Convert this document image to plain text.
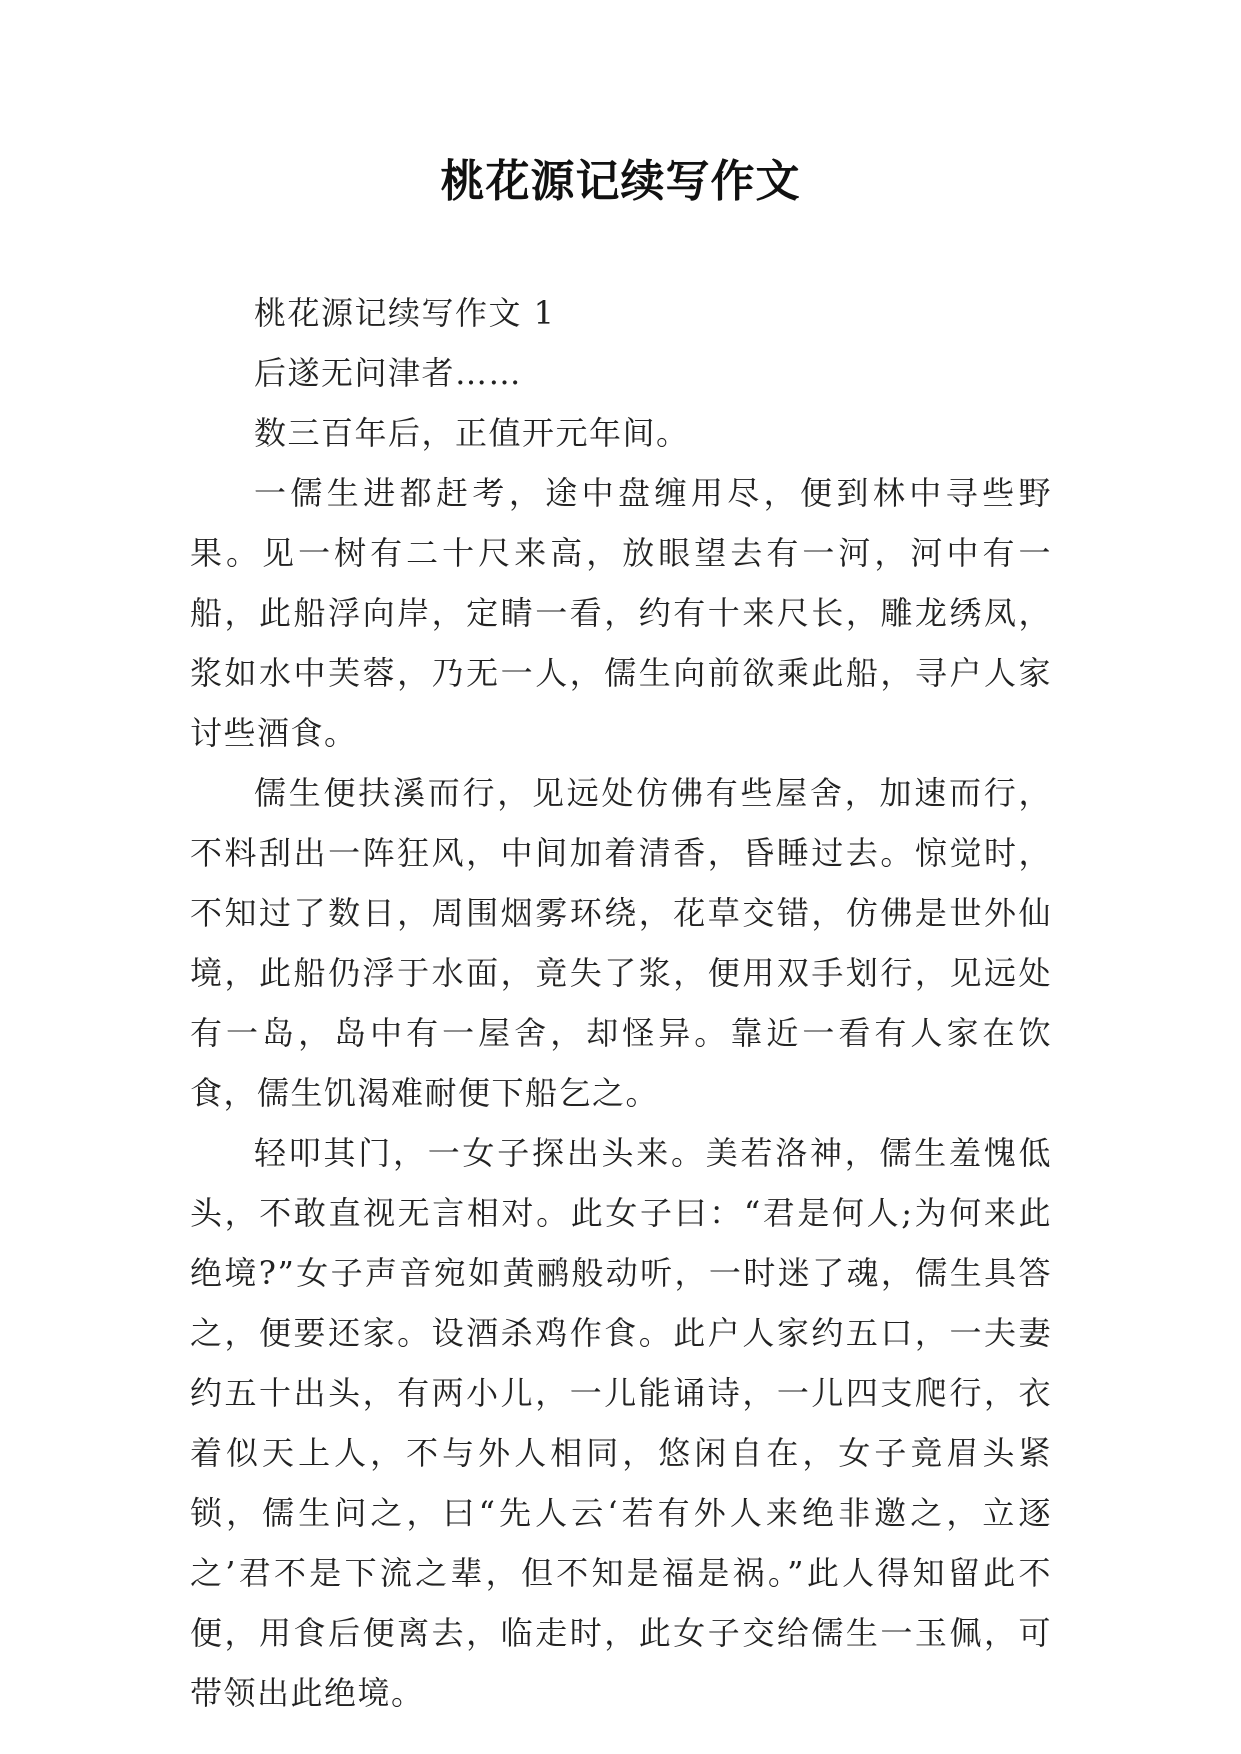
桃花源记续写作文

桃花源记续写作文 1

后遂无问津者……

数三百年后，正值开元年间。

一儒生进都赶考，途中盘缠用尽，便到林中寻些野果。见一树有二十尺来高，放眼望去有一河，河中有一船，此船浮向岸，定睛一看，约有十来尺长，雕龙绣凤，浆如水中芙蓉，乃无一人，儒生向前欲乘此船，寻户人家讨些酒食。

儒生便扶溪而行，见远处仿佛有些屋舍，加速而行，不料刮出一阵狂风，中间加着清香，昏睡过去。惊觉时，不知过了数日，周围烟雾环绕，花草交错，仿佛是世外仙境，此船仍浮于水面，竟失了浆，便用双手划行，见远处有一岛，岛中有一屋舍，却怪异。靠近一看有人家在饮食，儒生饥渴难耐便下船乞之。

轻叩其门，一女子探出头来。美若洛神，儒生羞愧低头，不敢直视无言相对。此女子曰：“君是何人;为何来此绝境?”女子声音宛如黄鹂般动听，一时迷了魂，儒生具答之，便要还家。设酒杀鸡作食。此户人家约五口，一夫妻约五十出头，有两小儿，一儿能诵诗，一儿四支爬行，衣着似天上人，不与外人相同，悠闲自在，女子竟眉头紧锁，儒生问之，曰“先人云‘若有外人来绝非邀之，立逐之’君不是下流之辈，但不知是福是祸。”此人得知留此不便，用食后便离去，临走时，此女子交给儒生一玉佩，可带领出此绝境。
